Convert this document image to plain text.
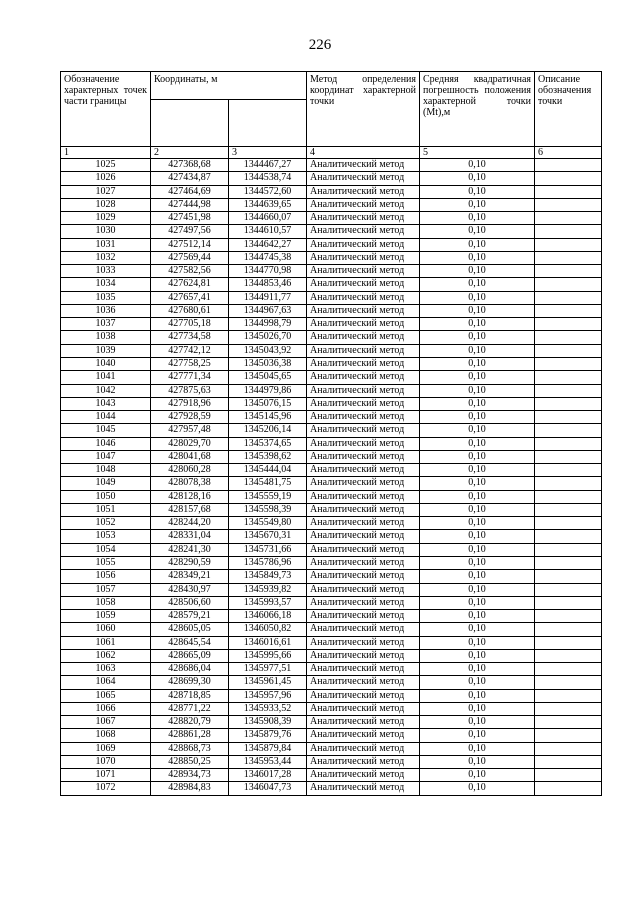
226
Обозначение характерных точек части границы	Координаты, м		Метод определения координат характерной точки	Средняя квадратичная погрешность положения характерной точки (Mt),м	Описание обозначения точки

1	2	3	4	5	6
1025	427368,68	1344467,27	Аналитический метод	0,10	
1026	427434,87	1344538,74	Аналитический метод	0,10	
1027	427464,69	1344572,60	Аналитический метод	0,10	
1028	427444,98	1344639,65	Аналитический метод	0,10	
1029	427451,98	1344660,07	Аналитический метод	0,10	
1030	427497,56	1344610,57	Аналитический метод	0,10	
1031	427512,14	1344642,27	Аналитический метод	0,10	
1032	427569,44	1344745,38	Аналитический метод	0,10	
1033	427582,56	1344770,98	Аналитический метод	0,10	
1034	427624,81	1344853,46	Аналитический метод	0,10	
1035	427657,41	1344911,77	Аналитический метод	0,10	
1036	427680,61	1344967,63	Аналитический метод	0,10	
1037	427705,18	1344998,79	Аналитический метод	0,10	
1038	427734,58	1345026,70	Аналитический метод	0,10	
1039	427742,12	1345043,92	Аналитический метод	0,10	
1040	427758,25	1345036,38	Аналитический метод	0,10	
1041	427771,34	1345045,65	Аналитический метод	0,10	
1042	427875,63	1344979,86	Аналитический метод	0,10	
1043	427918,96	1345076,15	Аналитический метод	0,10	
1044	427928,59	1345145,96	Аналитический метод	0,10	
1045	427957,48	1345206,14	Аналитический метод	0,10	
1046	428029,70	1345374,65	Аналитический метод	0,10	
1047	428041,68	1345398,62	Аналитический метод	0,10	
1048	428060,28	1345444,04	Аналитический метод	0,10	
1049	428078,38	1345481,75	Аналитический метод	0,10	
1050	428128,16	1345559,19	Аналитический метод	0,10	
1051	428157,68	1345598,39	Аналитический метод	0,10	
1052	428244,20	1345549,80	Аналитический метод	0,10	
1053	428331,04	1345670,31	Аналитический метод	0,10	
1054	428241,30	1345731,66	Аналитический метод	0,10	
1055	428290,59	1345786,96	Аналитический метод	0,10	
1056	428349,21	1345849,73	Аналитический метод	0,10	
1057	428430,97	1345939,82	Аналитический метод	0,10	
1058	428506,60	1345993,57	Аналитический метод	0,10	
1059	428579,21	1346066,18	Аналитический метод	0,10	
1060	428605,05	1346050,82	Аналитический метод	0,10	
1061	428645,54	1346016,61	Аналитический метод	0,10	
1062	428665,09	1345995,66	Аналитический метод	0,10	
1063	428686,04	1345977,51	Аналитический метод	0,10	
1064	428699,30	1345961,45	Аналитический метод	0,10	
1065	428718,85	1345957,96	Аналитический метод	0,10	
1066	428771,22	1345933,52	Аналитический метод	0,10	
1067	428820,79	1345908,39	Аналитический метод	0,10	
1068	428861,28	1345879,76	Аналитический метод	0,10	
1069	428868,73	1345879,84	Аналитический метод	0,10	
1070	428850,25	1345953,44	Аналитический метод	0,10	
1071	428934,73	1346017,28	Аналитический метод	0,10	
1072	428984,83	1346047,73	Аналитический метод	0,10	
